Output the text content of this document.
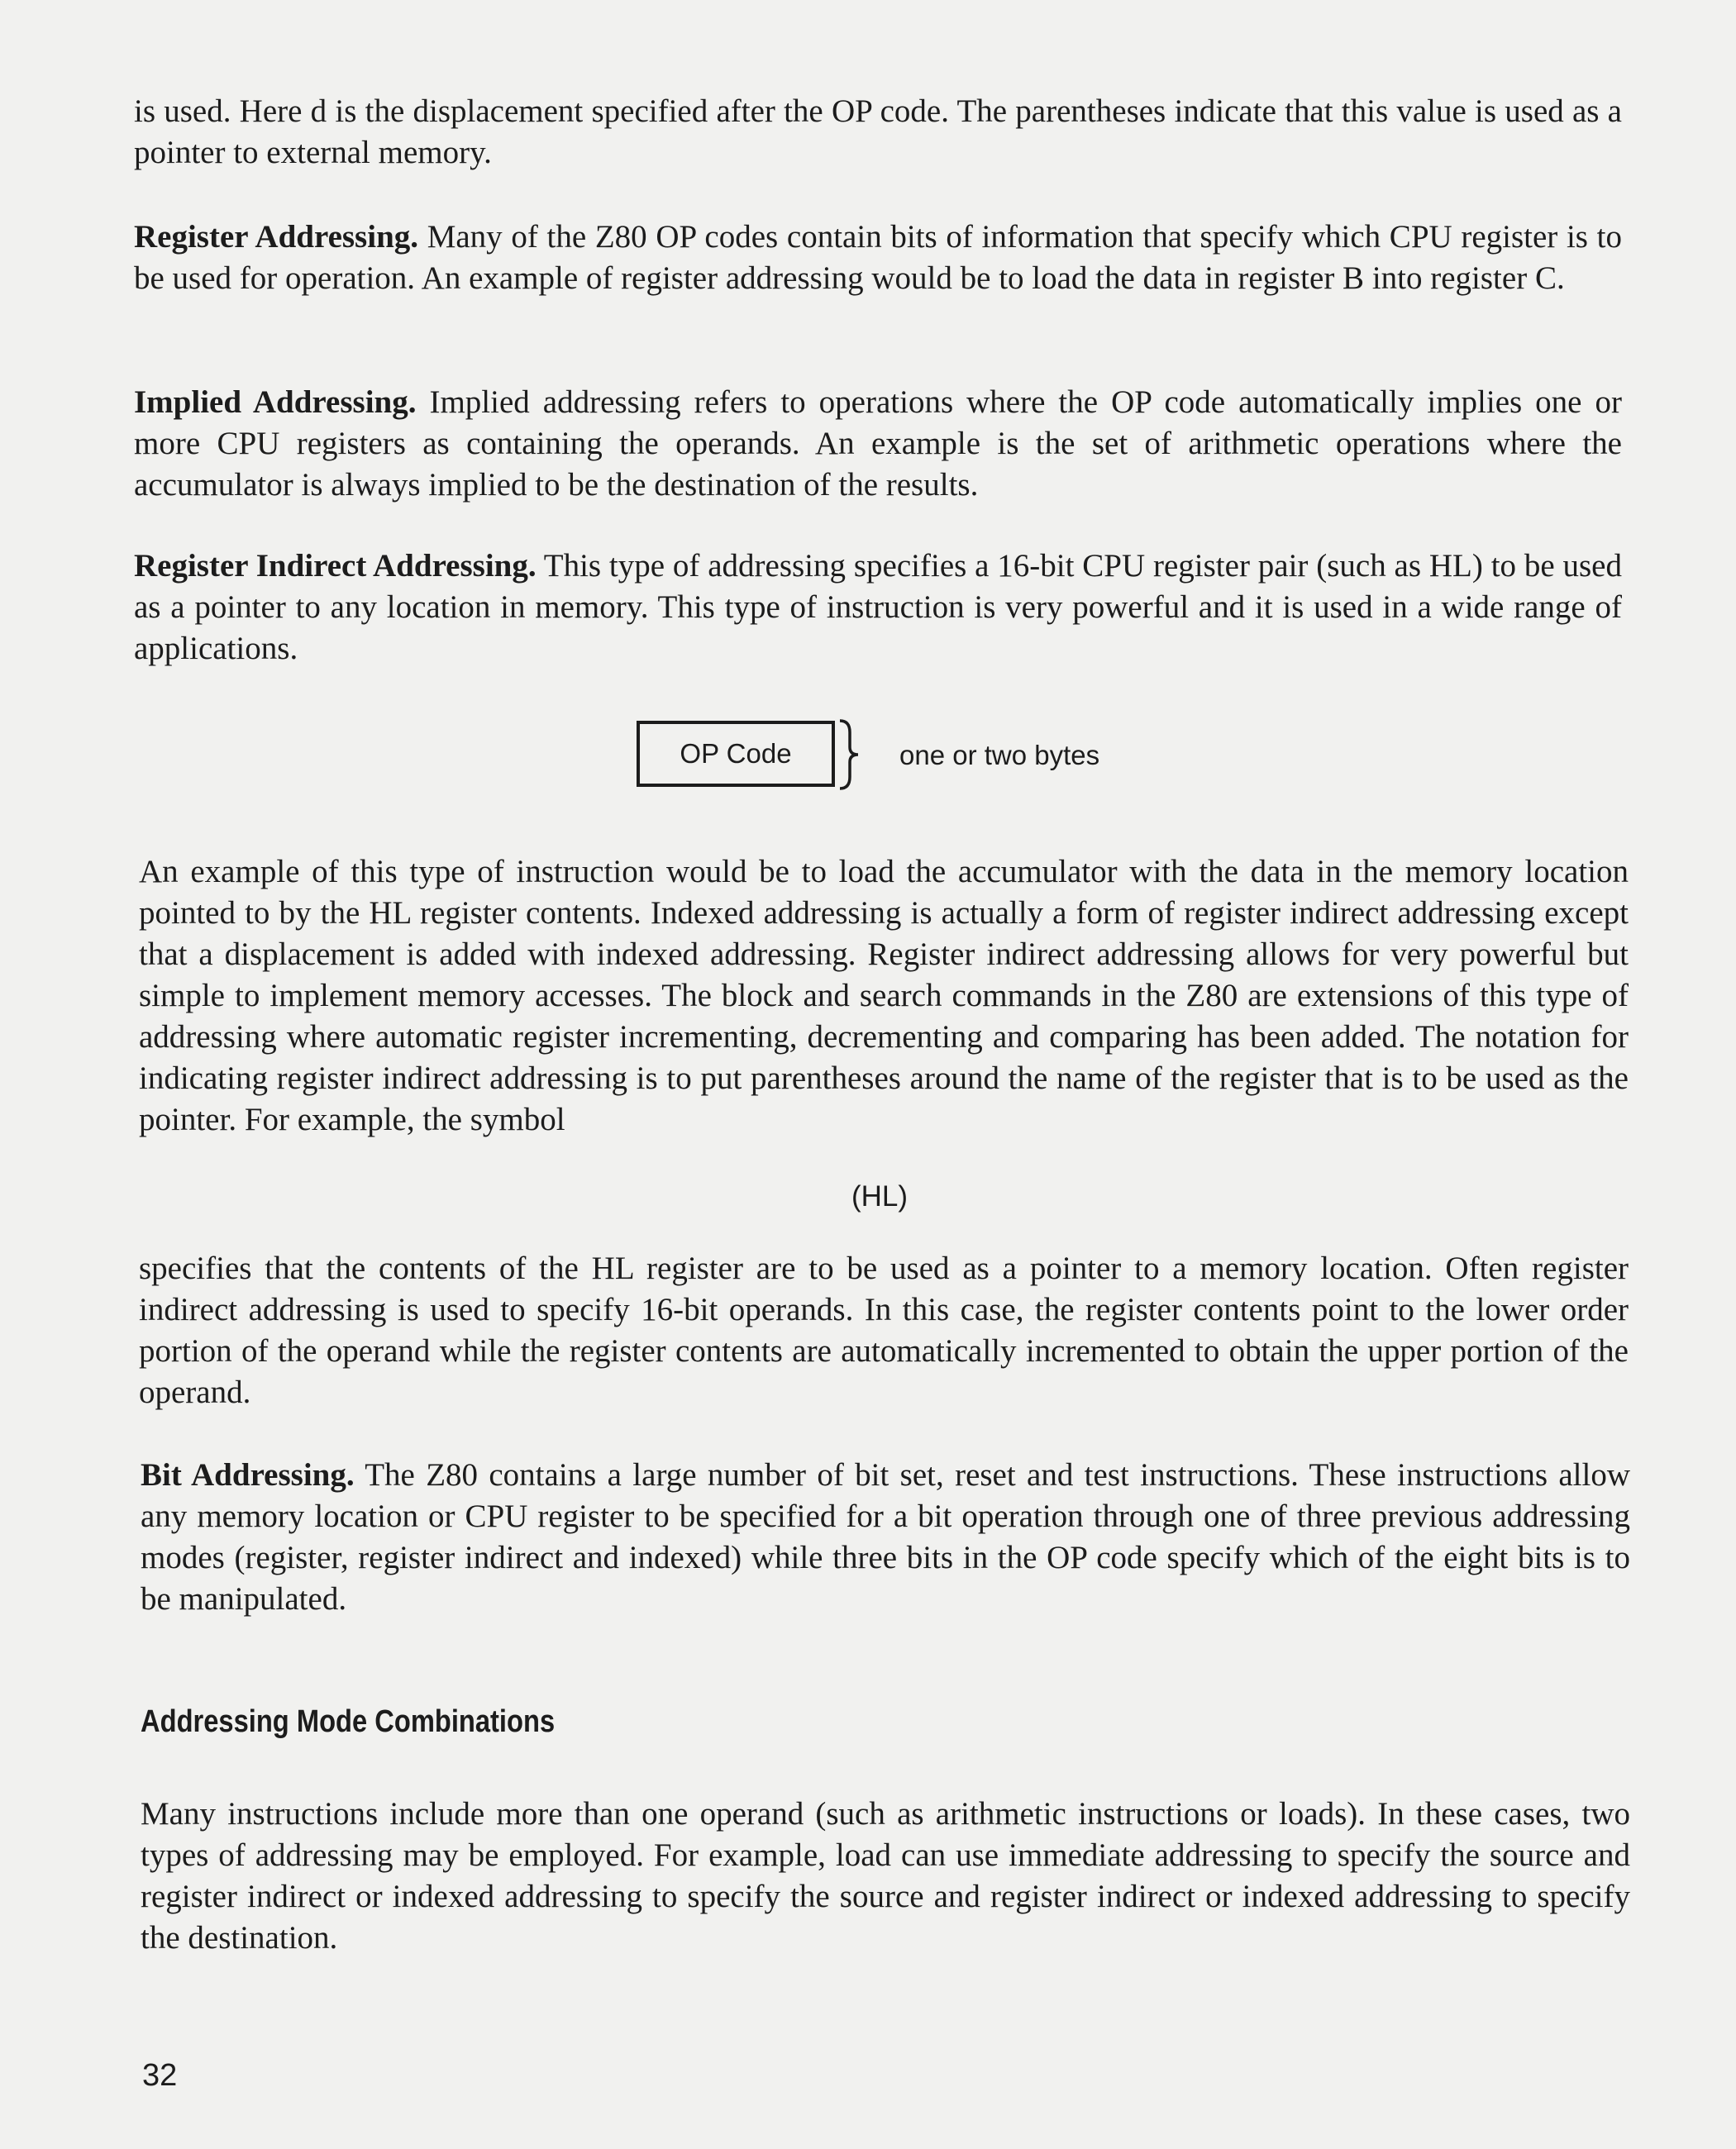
is used. Here d is the displacement specified after the OP code. The parentheses indicate that this value is used as a pointer to external memory.

Register Addressing. Many of the Z80 OP codes contain bits of information that specify which CPU register is to be used for operation. An example of register addressing would be to load the data in register B into register C.

Implied Addressing. Implied addressing refers to operations where the OP code automatically implies one or more CPU registers as containing the operands. An example is the set of arithmetic operations where the accumulator is always implied to be the destination of the results.

Register Indirect Addressing. This type of addressing specifies a 16-bit CPU register pair (such as HL) to be used as a pointer to any location in memory. This type of instruction is very powerful and it is used in a wide range of applications.

OP Code	one or two bytes

An example of this type of instruction would be to load the accumulator with the data in the memory location pointed to by the HL register contents. Indexed addressing is actually a form of register indirect addressing except that a displacement is added with indexed addressing. Register indirect addressing allows for very powerful but simple to implement memory accesses. The block and search commands in the Z80 are extensions of this type of addressing where automatic register incrementing, decrementing and comparing has been added. The notation for indicating register indirect addressing is to put parentheses around the name of the register that is to be used as the pointer. For example, the symbol

(HL)

specifies that the contents of the HL register are to be used as a pointer to a memory location. Often register indirect addressing is used to specify 16-bit operands. In this case, the register contents point to the lower order portion of the operand while the register contents are automatically incremented to obtain the upper portion of the operand.

Bit Addressing. The Z80 contains a large number of bit set, reset and test instructions. These instructions allow any memory location or CPU register to be specified for a bit operation through one of three previous addressing modes (register, register indirect and indexed) while three bits in the OP code specify which of the eight bits is to be manipulated.

Addressing Mode Combinations

Many instructions include more than one operand (such as arithmetic instructions or loads). In these cases, two types of addressing may be employed. For example, load can use immediate addressing to specify the source and register indirect or indexed addressing to specify the source and register indirect or indexed addressing to specify the destination.

32
